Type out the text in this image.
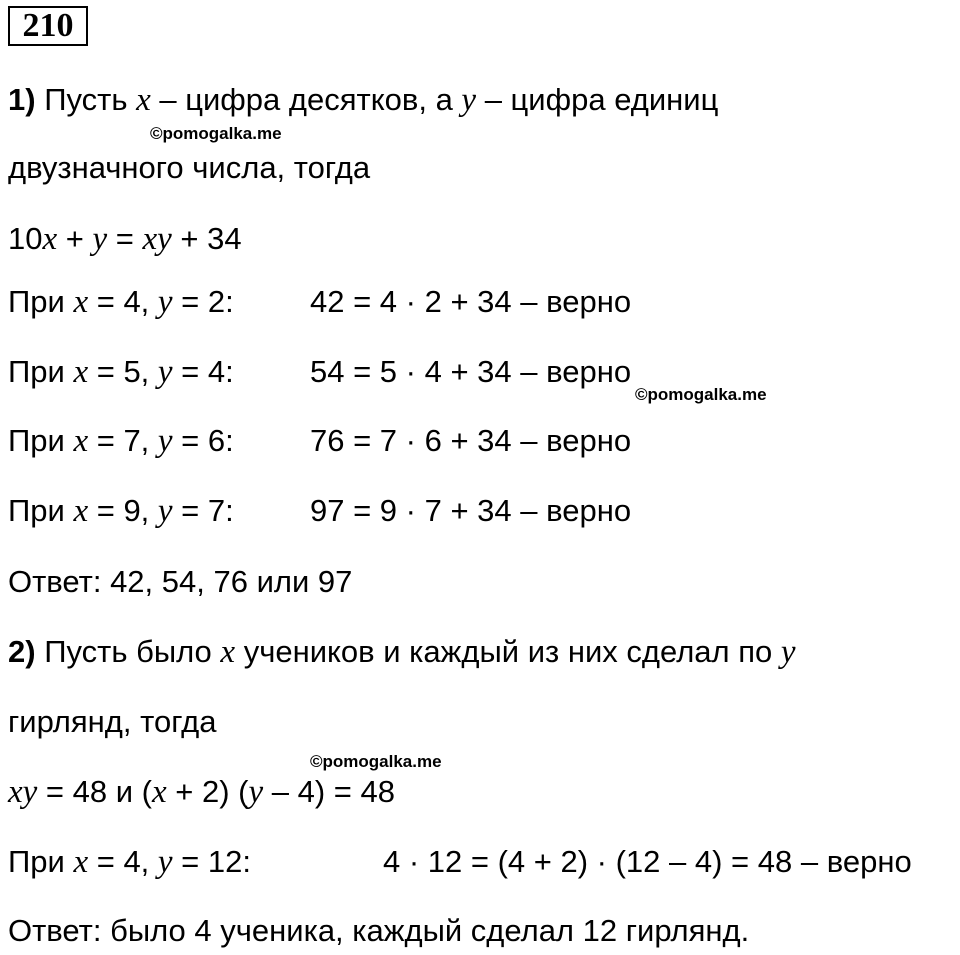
210
1) Пусть x – цифра десятков, а y – цифра единиц
©pomogalka.me
двузначного числа, тогда
10x + y = xy + 34
При x = 4, y = 2: 42 = 4 · 2 + 34 – верно
При x = 5, y = 4: 54 = 5 · 4 + 34 – верно
©pomogalka.me
При x = 7, y = 6: 76 = 7 · 6 + 34 – верно
При x = 9, y = 7: 97 = 9 · 7 + 34 – верно
Ответ: 42, 54, 76 или 97
2) Пусть было x учеников и каждый из них сделал по y
гирлянд, тогда
©pomogalka.me
xy = 48 и (x + 2) (y – 4) = 48
При x = 4, y = 12:	4 · 12 = (4 + 2) · (12 – 4) = 48 – верно
Ответ: было 4 ученика, каждый сделал 12 гирлянд.
